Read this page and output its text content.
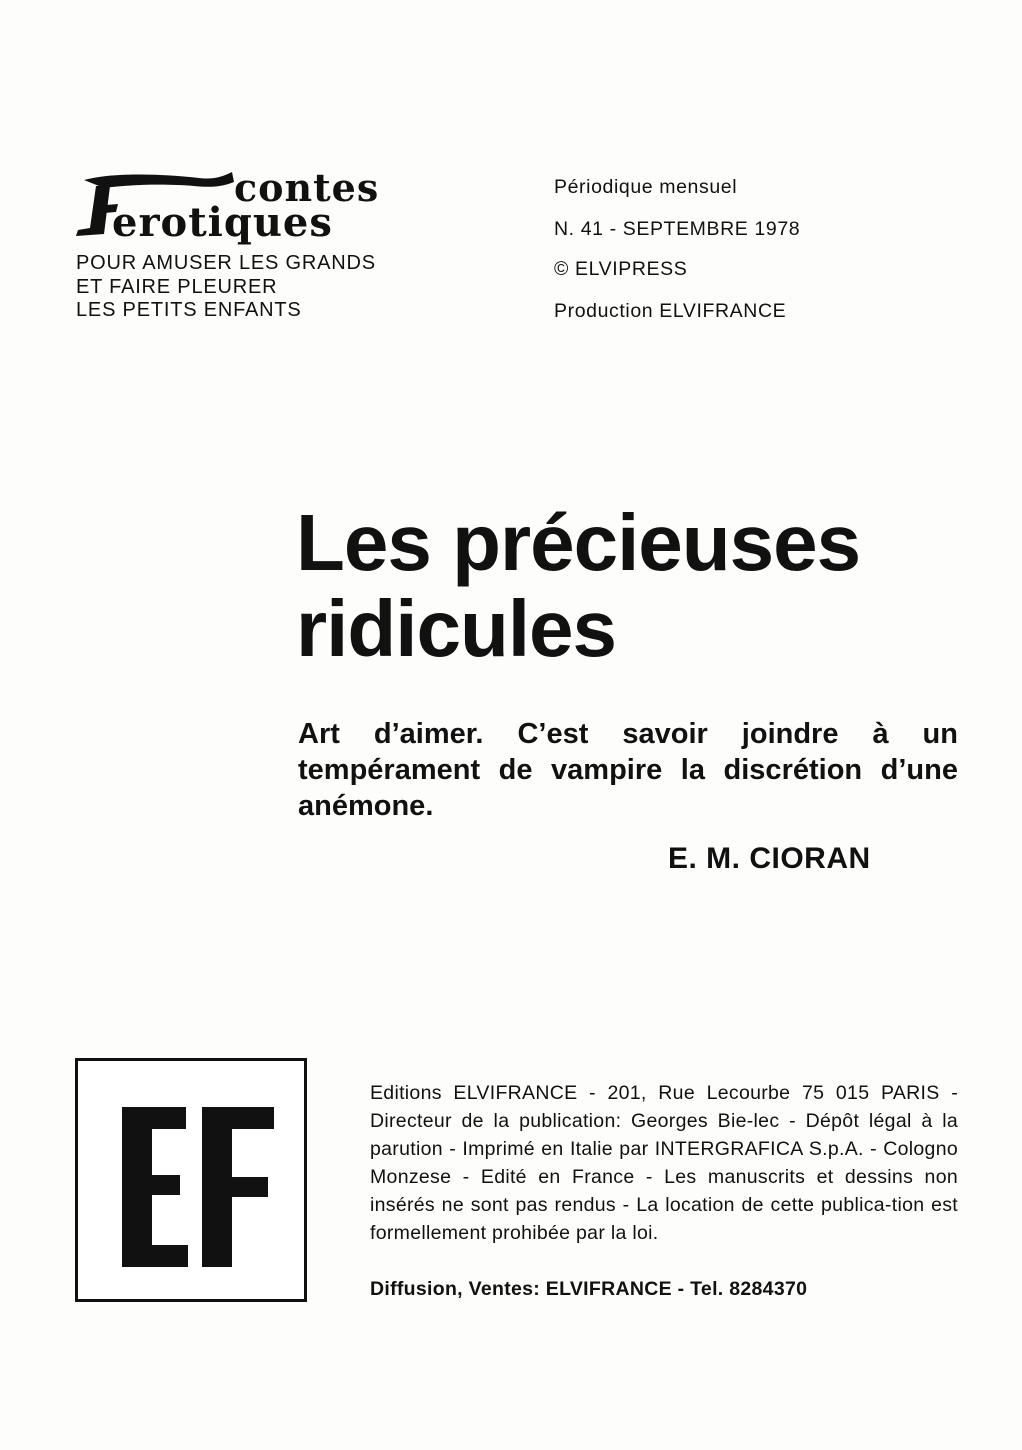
contes
erotiques
POUR AMUSER LES GRANDS
ET FAIRE PLEURER
LES PETITS ENFANTS
Périodique mensuel
N. 41 - SEPTEMBRE 1978
© ELVIPRESS
Production ELVIFRANCE
Les précieuses
ridicules
Art d’aimer. C’est savoir joindre à un tempérament de vampire la discrétion d’une anémone.
E. M. CIORAN
Editions ELVIFRANCE - 201, Rue Lecourbe 75 015 PARIS - Directeur de la publication: Georges Bie-lec - Dépôt légal à la parution - Imprimé en Italie par INTERGRAFICA S.p.A. - Cologno Monzese - Edité en France - Les manuscrits et dessins non insérés ne sont pas rendus - La location de cette publica-tion est formellement prohibée par la loi.
Diffusion, Ventes: ELVIFRANCE - Tel. 8284370
